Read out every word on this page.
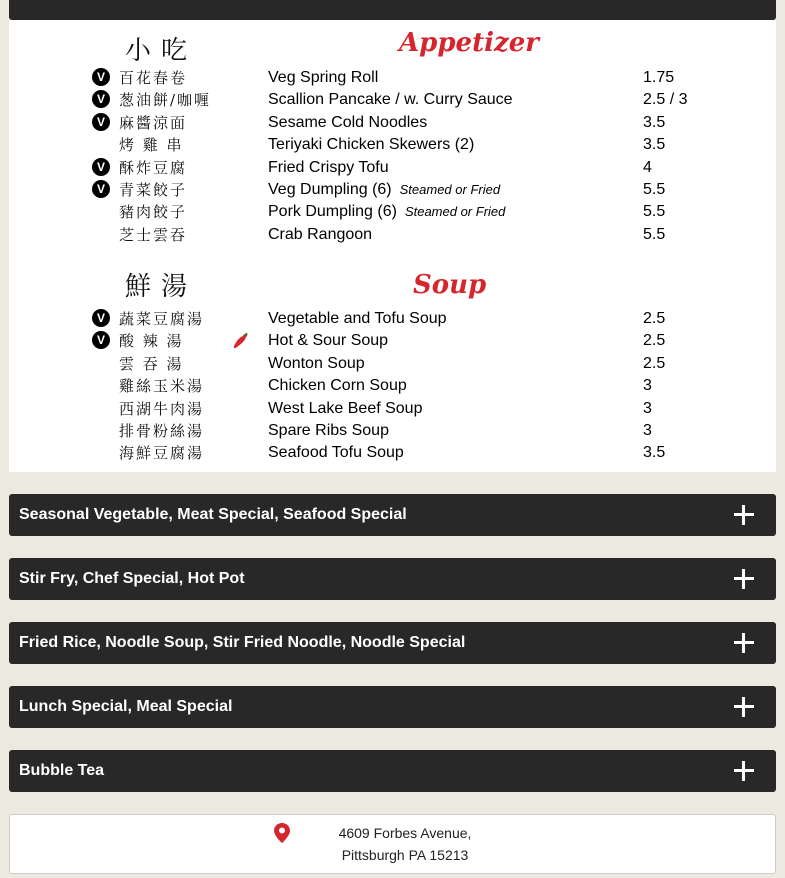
小吃	Appetizer
V 百花春卷	Veg Spring Roll	1.75
V 葱油餅/咖喱	Scallion Pancake / w. Curry Sauce	2.5 / 3
V 麻醬涼面	Sesame Cold Noodles	3.5
烤 雞 串	Teriyaki Chicken Skewers (2)	3.5
V 酥炸豆腐	Fried Crispy Tofu	4
V 青菜餃子	Veg Dumpling (6) Steamed or Fried	5.5
豬肉餃子	Pork Dumpling (6) Steamed or Fried	5.5
芝士雲吞	Crab Rangoon	5.5
鮮湯	Soup
V 蔬菜豆腐湯	Vegetable and Tofu Soup	2.5
V 酸 辣 湯	Hot & Sour Soup	2.5
雲 吞 湯	Wonton Soup	2.5
雞絲玉米湯	Chicken Corn Soup	3
西湖牛肉湯	West Lake Beef Soup	3
排骨粉絲湯	Spare Ribs Soup	3
海鮮豆腐湯	Seafood Tofu Soup	3.5
Seasonal Vegetable, Meat Special, Seafood Special
Stir Fry, Chef Special, Hot Pot
Fried Rice, Noodle Soup, Stir Fried Noodle, Noodle Special
Lunch Special, Meal Special
Bubble Tea
4609 Forbes Avenue,
Pittsburgh PA 15213
